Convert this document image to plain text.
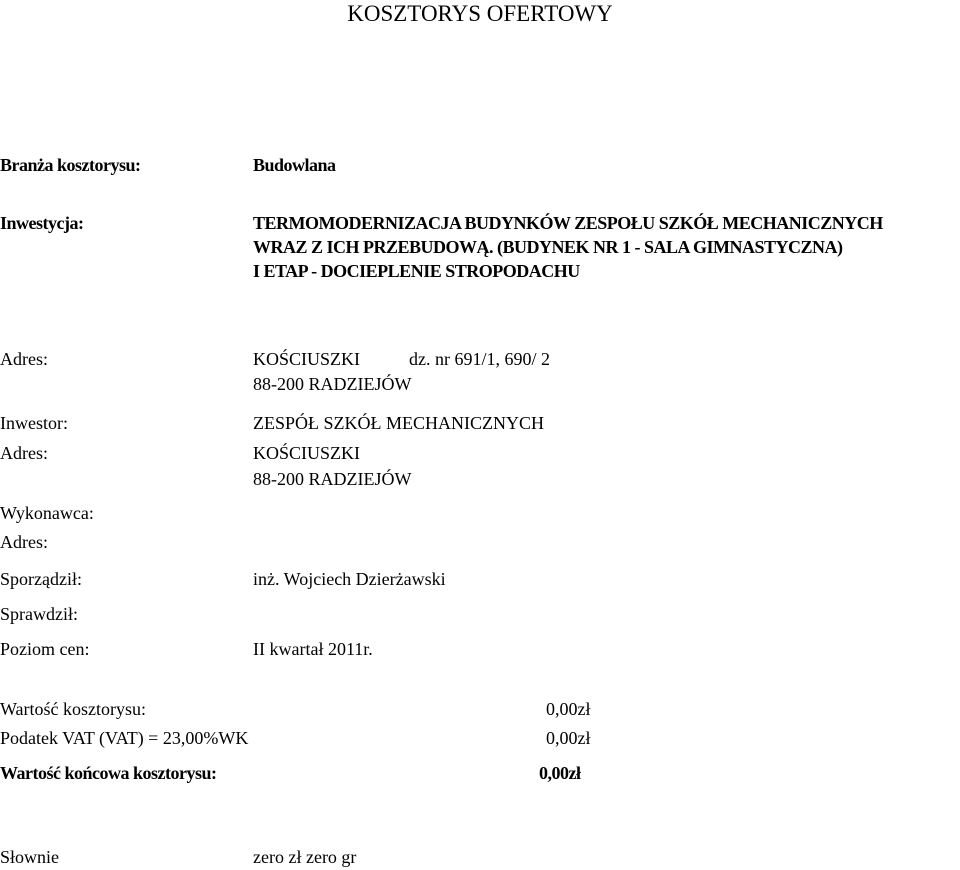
KOSZTORYS OFERTOWY
Branża kosztorysu:	Budowlana
Inwestycja:	TERMOMODERNIZACJA BUDYNKÓW ZESPOŁU SZKÓŁ MECHANICZNYCH
WRAZ Z ICH PRZEBUDOWĄ. (BUDYNEK NR 1 - SALA GIMNASTYCZNA)
I ETAP - DOCIEPLENIE STROPODACHU
Adres:	KOŚCIUSZKI	dz. nr 691/1, 690/ 2
88-200 RADZIEJÓW
Inwestor:	ZESPÓŁ SZKÓŁ MECHANICZNYCH
Adres:	KOŚCIUSZKI
88-200 RADZIEJÓW
Wykonawca:
Adres:
Sporządził:	inż. Wojciech Dzierżawski
Sprawdził:
Poziom cen:	II kwartał 2011r.
Wartość kosztorysu:	0,00zł
Podatek VAT (VAT) = 23,00%WK	0,00zł
Wartość końcowa kosztorysu:	0,00zł
Słownie	zero zł zero gr
